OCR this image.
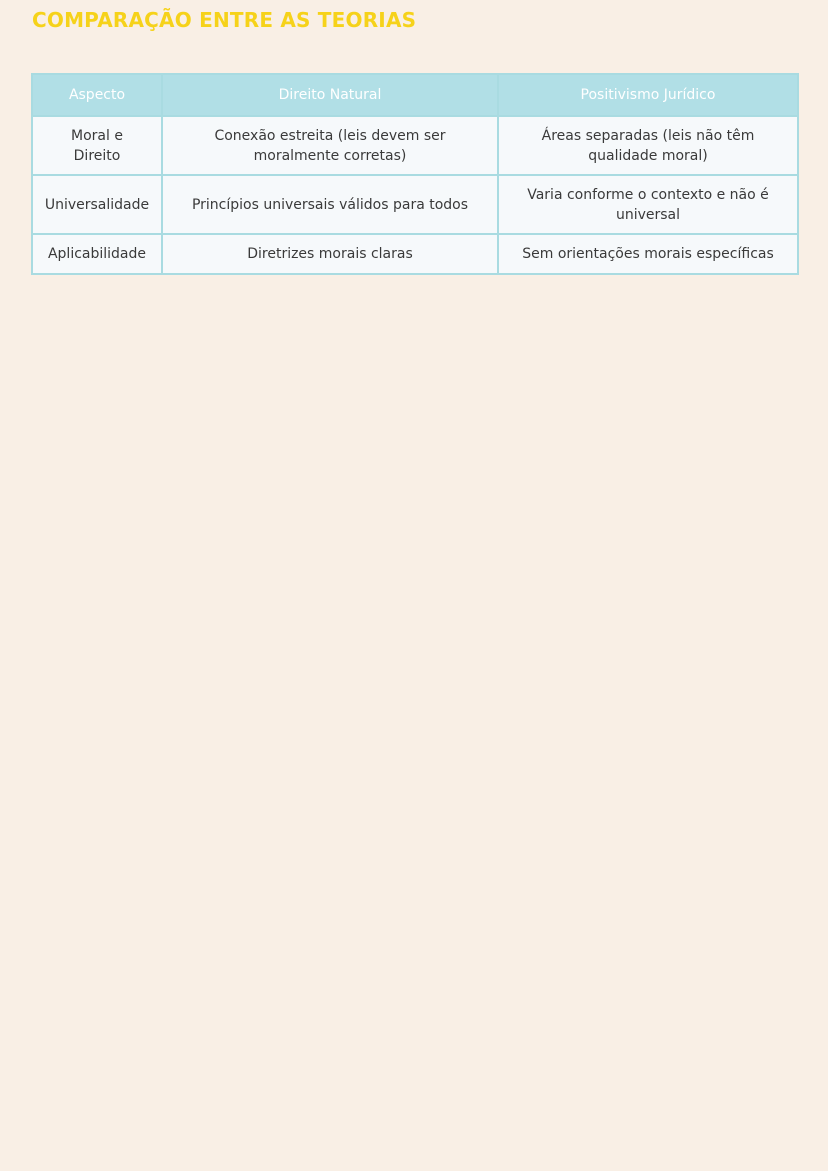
COMPARAÇÃO ENTRE AS TEORIAS
Aspecto	Direito Natural	Positivismo Jurídico
Moral e Direito	Conexão estreita (leis devem ser moralmente corretas)	Áreas separadas (leis não têm qualidade moral)
Universalidade	Princípios universais válidos para todos	Varia conforme o contexto e não é universal
Aplicabilidade	Diretrizes morais claras	Sem orientações morais específicas
